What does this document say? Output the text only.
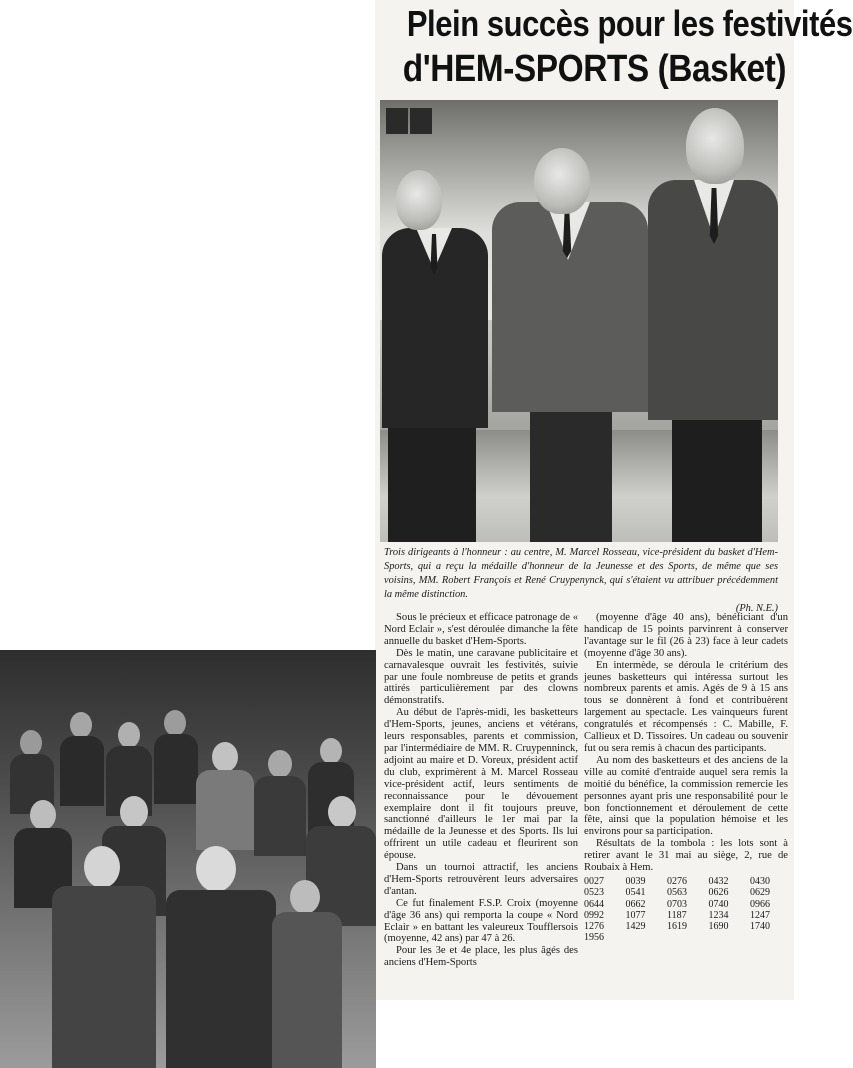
Plein succès pour les festivités
d'HEM-SPORTS (Basket)
Trois dirigeants à l'honneur : au centre, M. Marcel Rosseau, vice-président du basket d'Hem-Sports, qui a reçu la médaille d'honneur de la Jeunesse et des Sports, de même que ses voisins, MM. Robert François et René Cruypenynck, qui s'étaient vu attribuer précédemment la même distinction.
(Ph. N.E.)

Sous le précieux et efficace patronage de « Nord Eclair », s'est déroulée dimanche la fête annuelle du basket d'Hem-Sports.

Dès le matin, une caravane publicitaire et carnavalesque ouvrait les festivités, suivie par une foule nombreuse de petits et grands attirés particulièrement par des clowns démonstratifs.

Au début de l'après-midi, les basketteurs d'Hem-Sports, jeunes, anciens et vétérans, leurs responsables, parents et commission, par l'intermédiaire de MM. R. Cruypenninck, adjoint au maire et D. Voreux, président actif du club, exprimèrent à M. Marcel Rosseau vice-président actif, leurs sentiments de reconnaissance pour le dévouement exemplaire dont il fit toujours preuve, sanctionné d'ailleurs le 1er mai par la médaille de la Jeunesse et des Sports. Ils lui offrirent un utile cadeau et fleurirent son épouse.

Dans un tournoi attractif, les anciens d'Hem-Sports retrouvèrent leurs adversaires d'antan.

Ce fut finalement F.S.P. Croix (moyenne d'âge 36 ans) qui remporta la coupe « Nord Eclair » en battant les valeureux Toufflersois (moyenne, 42 ans) par 47 à 26.

Pour les 3e et 4e place, les plus âgés des anciens d'Hem-Sports

(moyenne d'âge 40 ans), bénéficiant d'un handicap de 15 points parvinrent à conserver l'avantage sur le fil (26 à 23) face à leur cadets (moyenne d'âge 30 ans).

En intermède, se déroula le critérium des jeunes basketteurs qui intéressa surtout les nombreux parents et amis. Agés de 9 à 15 ans tous se donnèrent à fond et contribuèrent largement au spectacle. Les vainqueurs furent congratulés et récompensés : C. Mabille, F. Callieux et D. Tissoires. Un cadeau ou souvenir fut ou sera remis à chacun des participants.

Au nom des basketteurs et des anciens de la ville au comité d'entraide auquel sera remis la moitié du bénéfice, la commission remercie les personnes ayant pris une responsabilité pour le bon fonctionnement et déroulement de cette fête, ainsi que la population hémoise et les environs pour sa participation.

Résultats de la tombola : les lots sont à retirer avant le 31 mai au siège, 2, rue de Roubaix à Hem.

0027	0039	0276	0432	0430
0523	0541	0563	0626	0629
0644	0662	0703	0740	0966
0992	1077	1187	1234	1247
1276	1429	1619	1690	1740
1956
